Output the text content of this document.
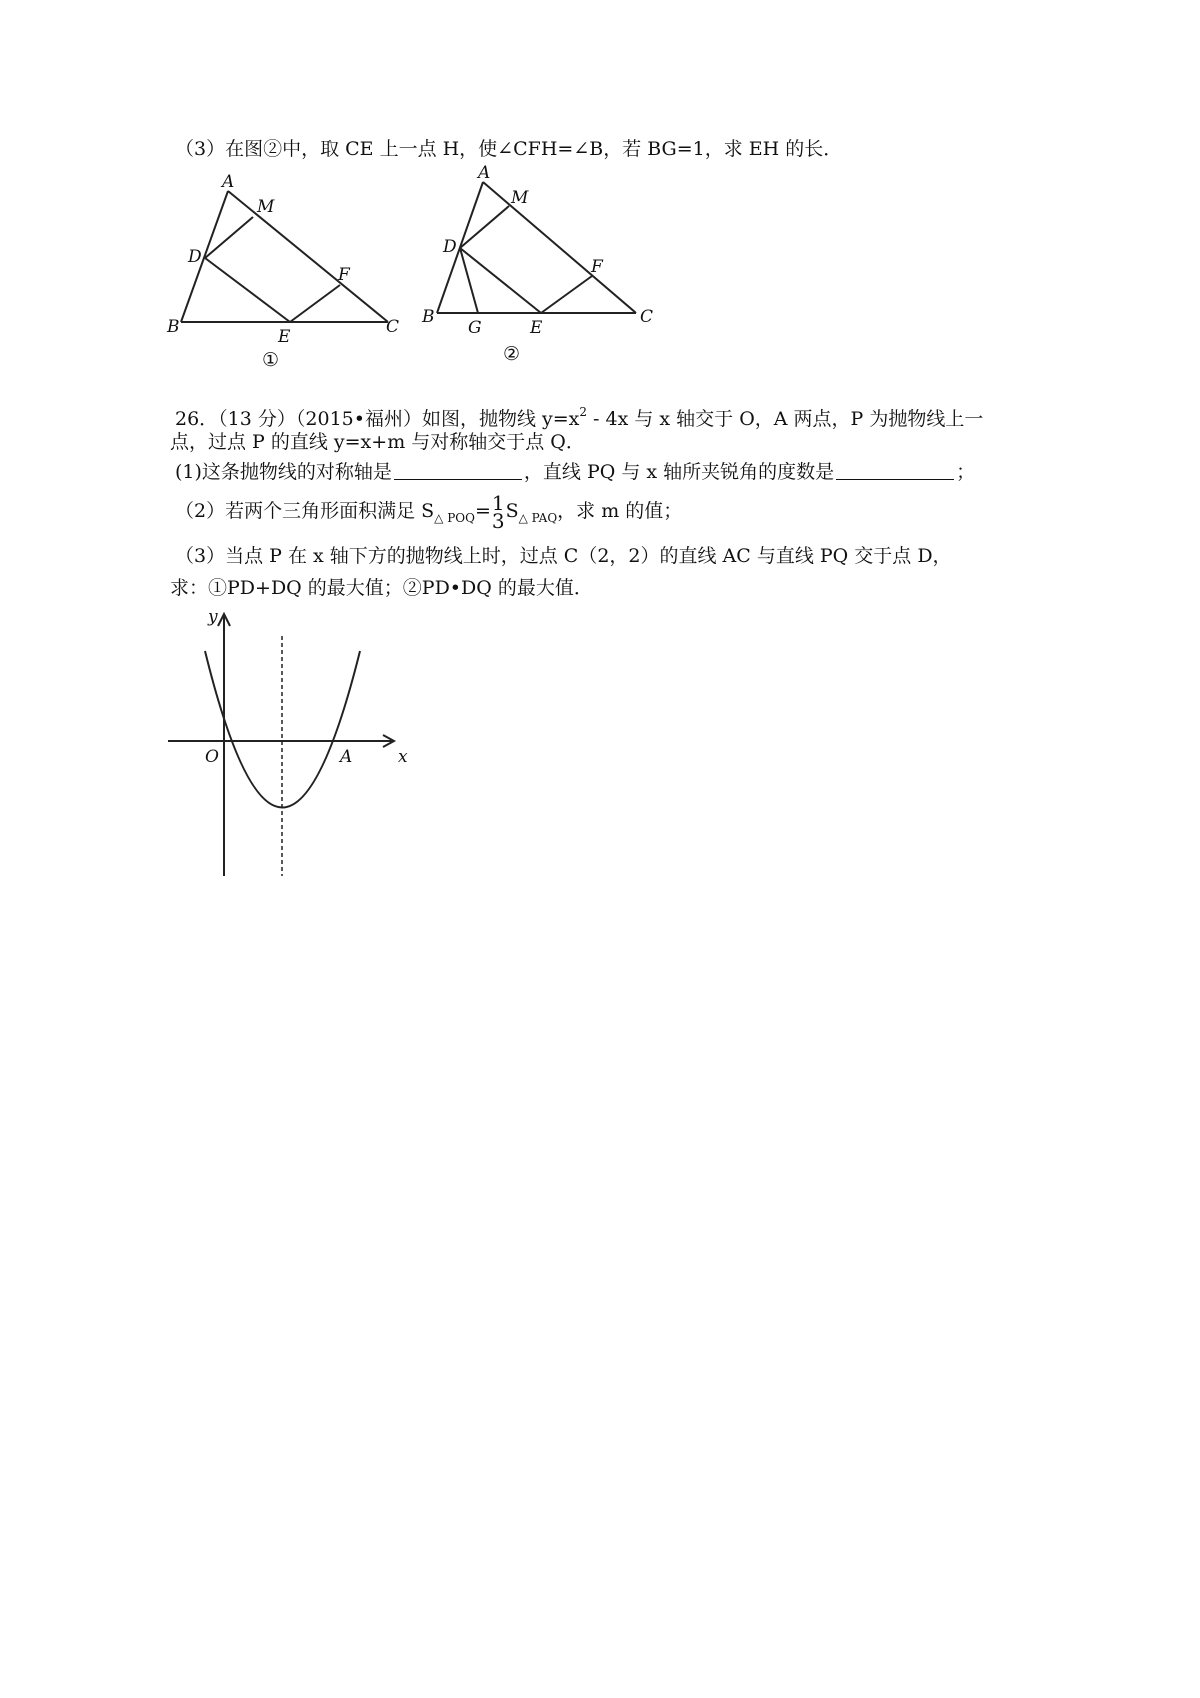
（3）在图②中，取 CE 上一点 H，使∠CFH=∠B，若 BG=1，求 EH 的长．
A
M
D
F
B	E	C
①
A
M
D
F
B
G	E
C
②
26．（13 分）（2015•福州）如图，抛物线 $y=x^2 - 4x$ 与 x 轴交于 O，A 两点，P 为抛物线上一
点，过点 P 的直线 y=x+m 与对称轴交于点 Q．
(1)这条抛物线的对称轴是	，直线 PQ 与 x 轴所夹锐角的度数是	；
（2）若两个三角形面积满足 $S_{\triangle POQ}= 1$
3 $S_{\triangle PAQ}$，求 m 的值；
（3）当点 P 在 x 轴下方的抛物线上时，过点 C（2，2）的直线 AC 与直线 PQ 交于点 D，
求：①PD+DQ 的最大值；②PD•DQ 的最大值．
y
x
O	A
